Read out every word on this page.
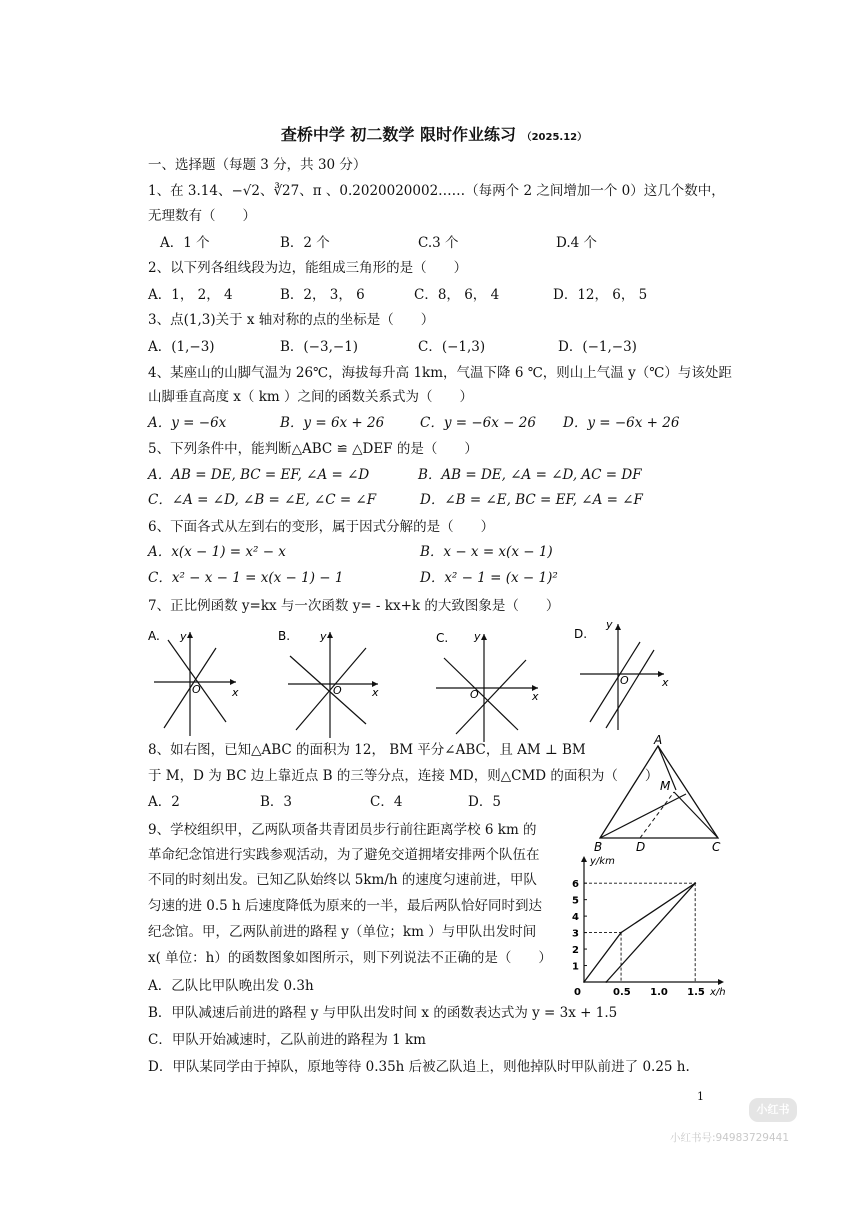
查桥中学 初二数学 限时作业练习 （2025.12）
一、选择题（每题 3 分，共 30 分）
1、在 3.14、−√2、∛27、π 、0.2020020002……（每两个 2 之间增加一个 0）这几个数中，
无理数有（　　）
A．1 个	B．2 个	C.3 个	D.4 个
2、以下列各组线段为边，能组成三角形的是（　　）
A．1， 2， 4	B．2， 3， 6	C．8， 6， 4	D．12， 6， 5
3、点(1,3)关于 x 轴对称的点的坐标是（　　）
A．(1,−3)	B．(−3,−1)	C．(−1,3)	D．(−1,−3)
4、某座山的山脚气温为 26℃，海拔每升高 1km，气温下降 6 ℃，则山上气温 y（℃）与该处距
山脚垂直高度 x（ km ）之间的函数关系式为（　　）
A．y = −6x	B．y = 6x + 26	C．y = −6x − 26 D．y = −6x + 26
5、下列条件中，能判断△ABC ≌ △DEF 的是（　　）
A．AB = DE, BC = EF, ∠A = ∠D	B．AB = DE, ∠A = ∠D, AC = DF
C．∠A = ∠D, ∠B = ∠E, ∠C = ∠F	D．∠B = ∠E, BC = EF, ∠A = ∠F
6、下面各式从左到右的变形，属于因式分解的是（　　）
A．x(x − 1) = x² − x	B．x − x = x(x − 1)
C．x² − x − 1 = x(x − 1) − 1	D．x² − 1 = (x − 1)²
7、正比例函数 y=kx 与一次函数 y= - kx+k 的大致图象是（　　）
A. y
x
O
B.	y
x
O
C. y
x
O
D.
y
x
O
8、如右图，已知△ABC 的面积为 12， BM 平分∠ABC，且 AM ⊥ BM
于 M，D 为 BC 边上靠近点 B 的三等分点，连接 MD，则△CMD 的面积为（　　）
A．2	B．3	C．4	D．5
A
B	C
D
M
9、学校组织甲，乙两队项备共青团员步行前往距离学校 6 km 的
革命纪念馆进行实践参观活动，为了避免交道拥堵安排两个队伍在
不同的时刻出发。已知乙队始终以 5km/h 的速度匀速前进，甲队
匀速的进 0.5 h 后速度降低为原来的一半，最后两队恰好同时到达
纪念馆。甲，乙两队前进的路程 y（单位；km ）与甲队出发时间
x( 单位：h）的函数图象如图所示，则下列说法不正确的是（　　）
A．乙队比甲队晚出发 0.3h
B．甲队减速后前进的路程 y 与甲队出发时间 x 的函数表达式为 y = 3x + 1.5
C．甲队开始减速时，乙队前进的路程为 1 km
D．甲队某同学由于掉队，原地等待 0.35h 后被乙队追上，则他掉队时甲队前进了 0.25 h.
0	0.5 1.0 1.5
1
2
3
4
5
6
y/km
x/h
1
小红书
小红书号:94983729441
